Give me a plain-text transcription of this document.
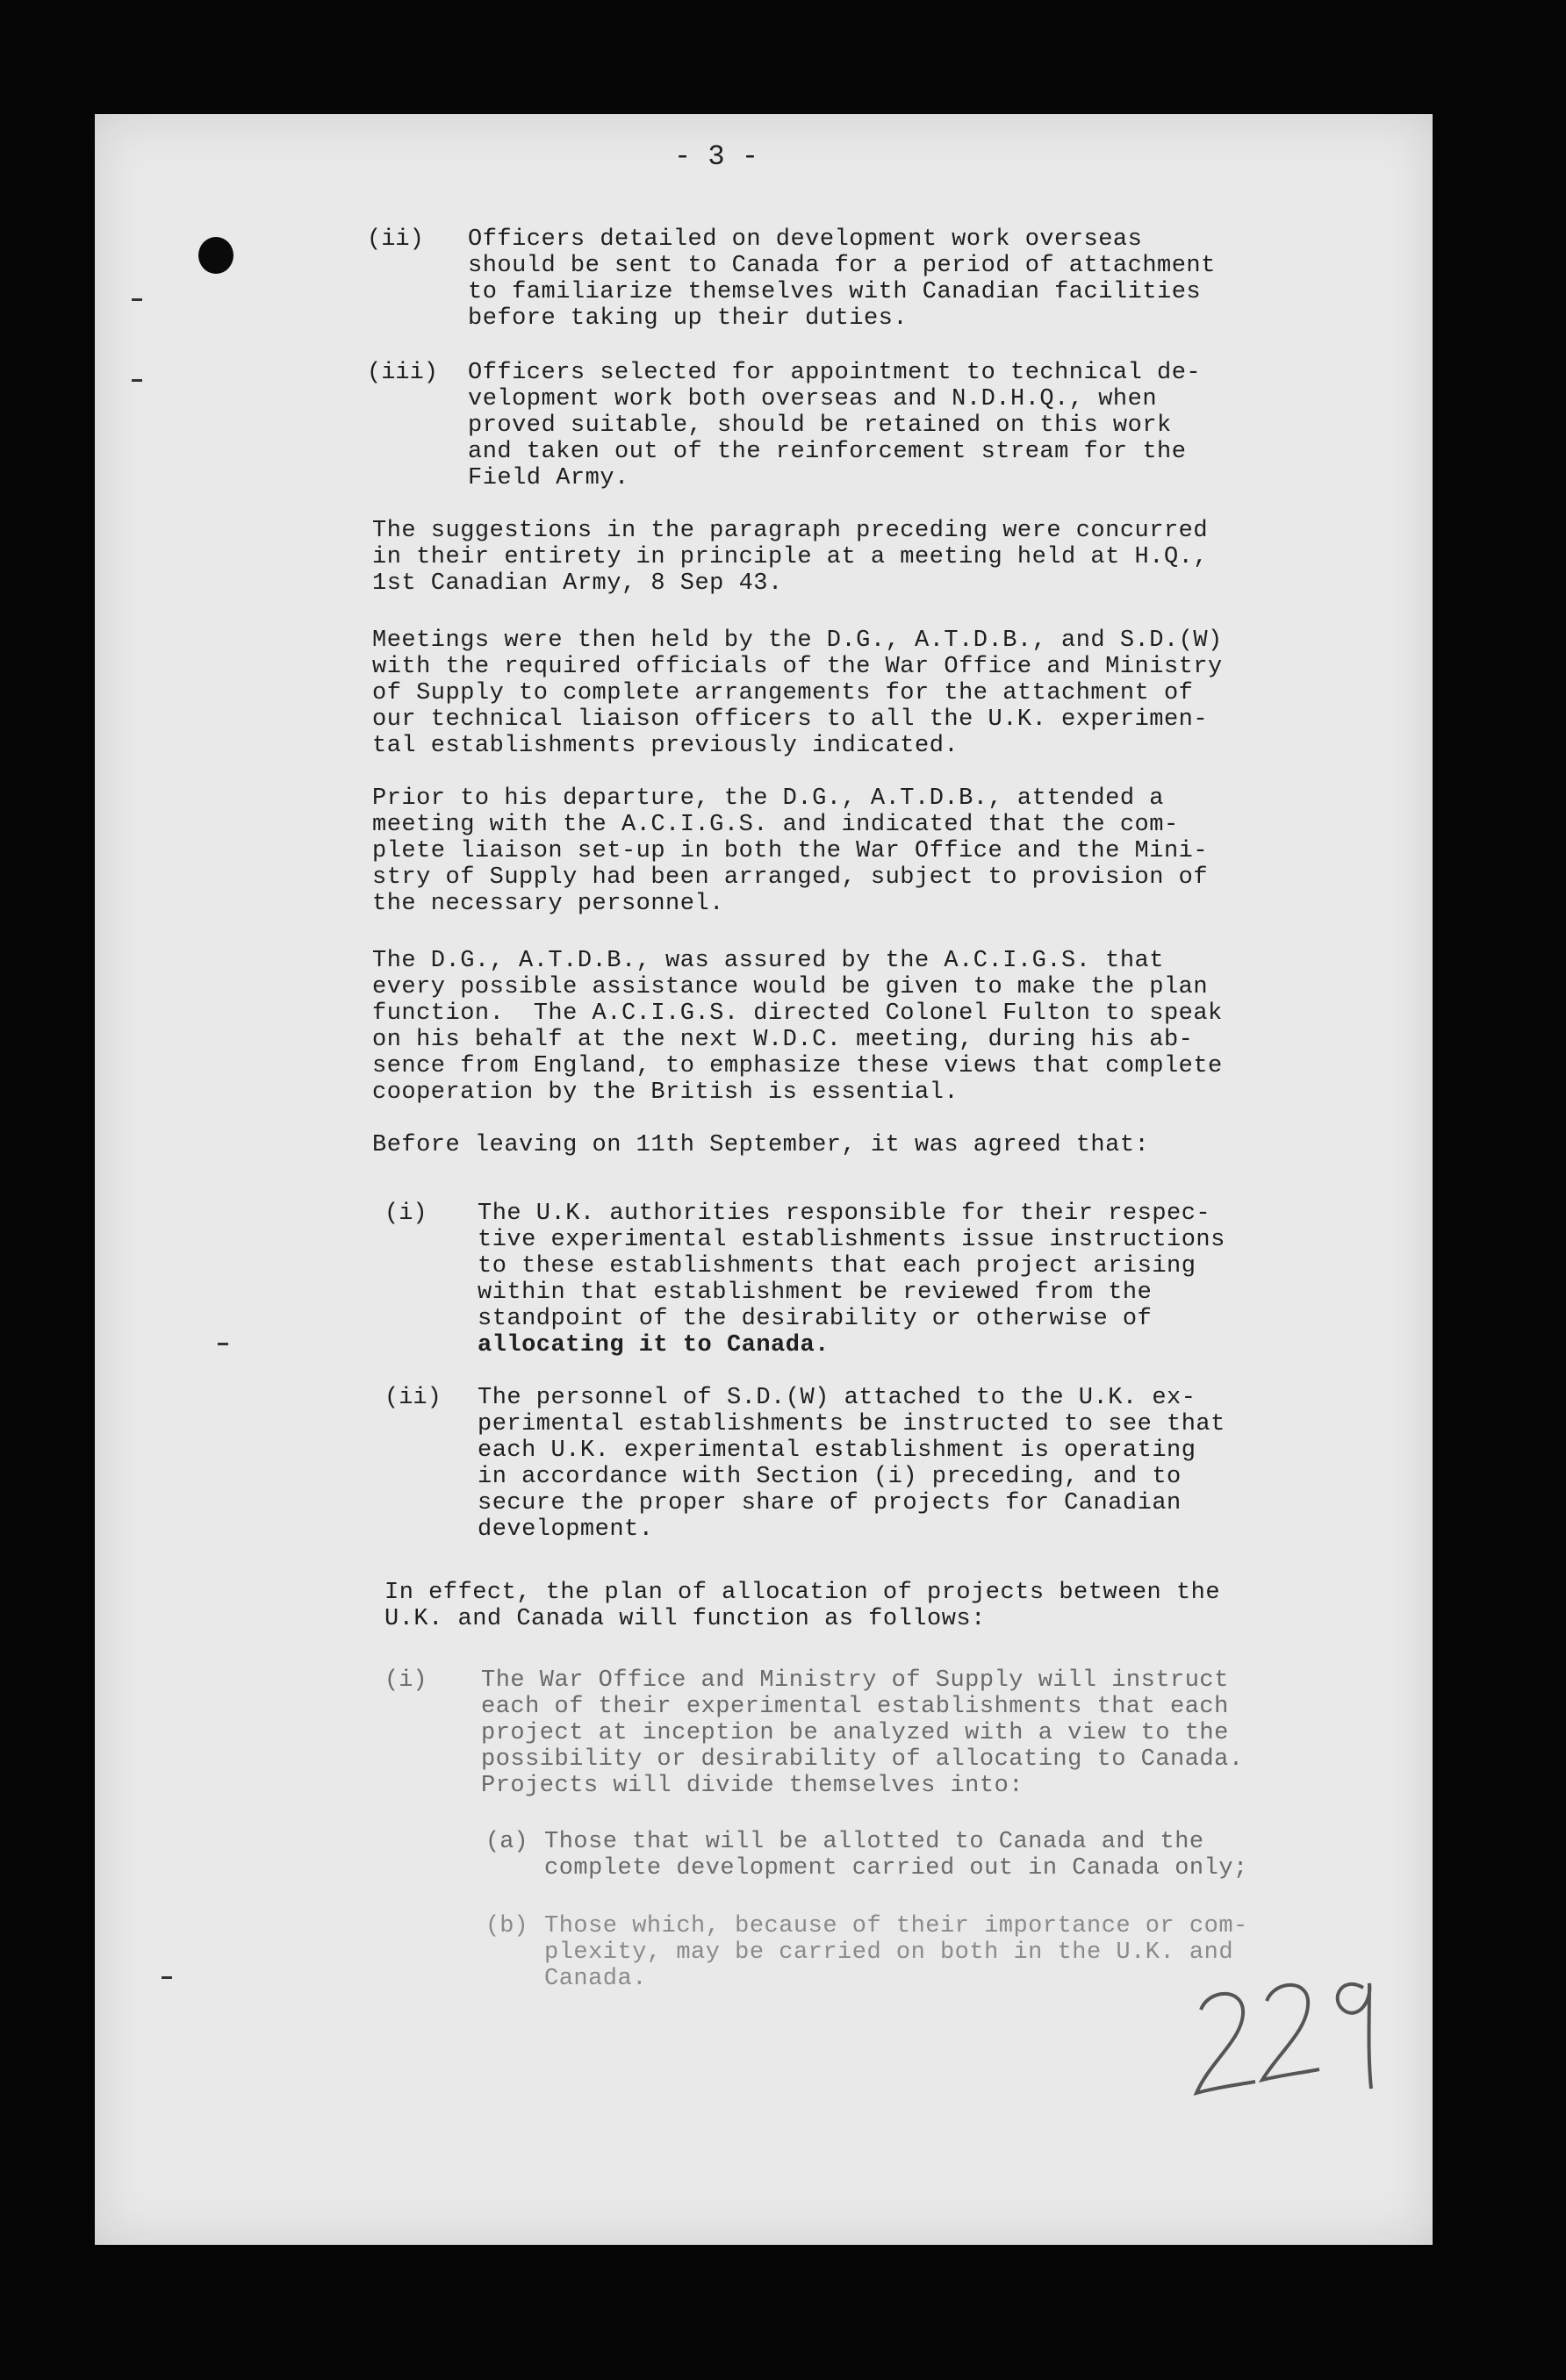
- 3 -
(ii) Officers detailed on development work overseas
should be sent to Canada for a period of attachment
to familiarize themselves with Canadian facilities
before taking up their duties.
(iii) Officers selected for appointment to technical de-
velopment work both overseas and N.D.H.Q., when
proved suitable, should be retained on this work
and taken out of the reinforcement stream for the
Field Army.
The suggestions in the paragraph preceding were concurred
in their entirety in principle at a meeting held at H.Q.,
1st Canadian Army, 8 Sep 43.
Meetings were then held by the D.G., A.T.D.B., and S.D.(W)
with the required officials of the War Office and Ministry
of Supply to complete arrangements for the attachment of
our technical liaison officers to all the U.K. experimen-
tal establishments previously indicated.
Prior to his departure, the D.G., A.T.D.B., attended a
meeting with the A.C.I.G.S. and indicated that the com-
plete liaison set-up in both the War Office and the Mini-
stry of Supply had been arranged, subject to provision of
the necessary personnel.
The D.G., A.T.D.B., was assured by the A.C.I.G.S. that
every possible assistance would be given to make the plan
function.  The A.C.I.G.S. directed Colonel Fulton to speak
on his behalf at the next W.D.C. meeting, during his ab-
sence from England, to emphasize these views that complete
cooperation by the British is essential.
Before leaving on 11th September, it was agreed that:
(i) The U.K. authorities responsible for their respec-
tive experimental establishments issue instructions
to these establishments that each project arising
within that establishment be reviewed from the
standpoint of the desirability or otherwise of
allocating it to Canada.
(ii) The personnel of S.D.(W) attached to the U.K. ex-
perimental establishments be instructed to see that
each U.K. experimental establishment is operating
in accordance with Section (i) preceding, and to
secure the proper share of projects for Canadian
development.
In effect, the plan of allocation of projects between the
U.K. and Canada will function as follows:
(i) The War Office and Ministry of Supply will instruct
each of their experimental establishments that each
project at inception be analyzed with a view to the
possibility or desirability of allocating to Canada.
Projects will divide themselves into:
(a) Those that will be allotted to Canada and the
complete development carried out in Canada only;
(b) Those which, because of their importance or com-
plexity, may be carried on both in the U.K. and
Canada.
